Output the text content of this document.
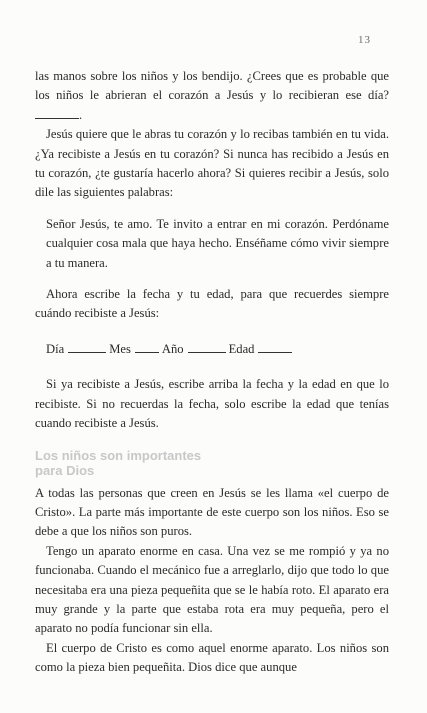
13

las manos sobre los niños y los bendijo. ¿Crees que es probable que los niños le abrieran el corazón a Jesús y lo recibieran ese día? .

Jesús quiere que le abras tu corazón y lo recibas también en tu vida. ¿Ya recibiste a Jesús en tu corazón? Si nunca has recibido a Jesús en tu corazón, ¿te gustaría hacerlo ahora? Si quieres recibir a Jesús, solo dile las siguientes palabras:

Señor Jesús, te amo. Te invito a entrar en mi corazón. Perdóname cualquier cosa mala que haya hecho. Enséñame cómo vivir siempre a tu manera.

Ahora escribe la fecha y tu edad, para que recuerdes siempre cuándo recibiste a Jesús:

Día	Mes Año	Edad

Si ya recibiste a Jesús, escribe arriba la fecha y la edad en que lo recibiste. Si no recuerdas la fecha, solo escribe la edad que tenías cuando recibiste a Jesús.

Los niños son importantes
para Dios

A todas las personas que creen en Jesús se les llama «el cuerpo de Cristo». La parte más importante de este cuerpo son los niños. Eso se debe a que los niños son puros.

Tengo un aparato enorme en casa. Una vez se me rompió y ya no funcionaba. Cuando el mecánico fue a arreglarlo, dijo que todo lo que necesitaba era una pieza pequeñita que se le había roto. El aparato era muy grande y la parte que estaba rota era muy pequeña, pero el aparato no podía funcionar sin ella.

El cuerpo de Cristo es como aquel enorme aparato. Los niños son como la pieza bien pequeñita. Dios dice que aunque
